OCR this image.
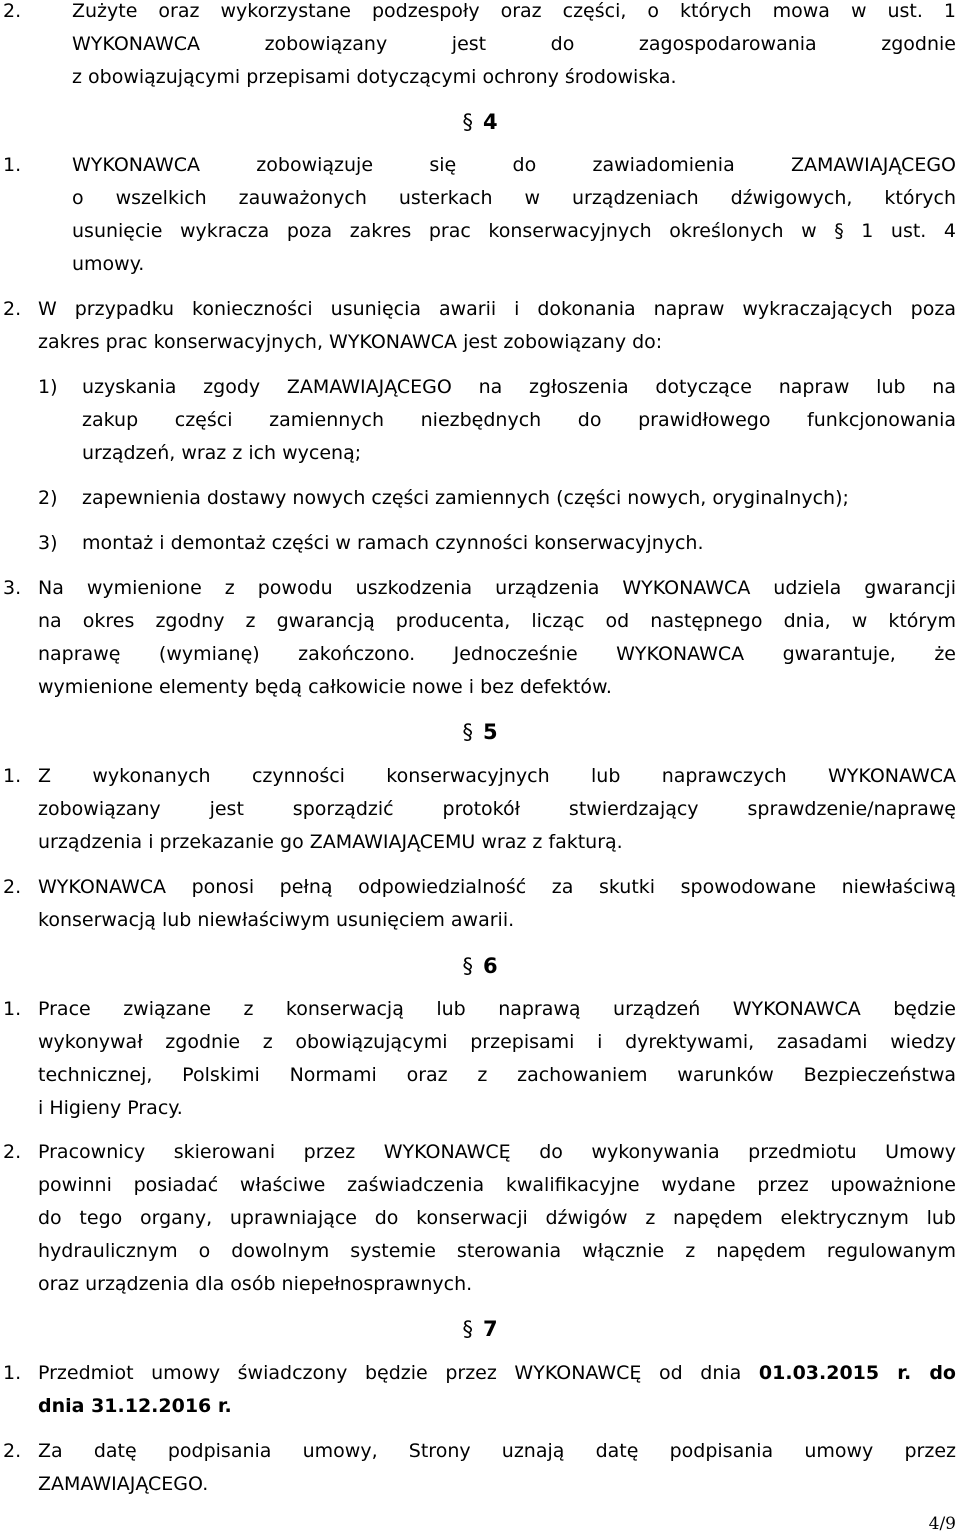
2.	Zużyte oraz wykorzystane podzespoły oraz części, o których mowa w ust. 1
WYKONAWCA zobowiązany jest do zagospodarowania zgodnie
z obowiązującymi przepisami dotyczącymi ochrony środowiska.
§ 4
1.	WYKONAWCA zobowiązuje się do zawiadomienia ZAMAWIAJĄCEGO
o wszelkich zauważonych usterkach w urządzeniach dźwigowych, których
usunięcie wykracza poza zakres prac konserwacyjnych określonych w § 1 ust. 4
umowy.
2. W przypadku konieczności usunięcia awarii i dokonania napraw wykraczających poza
zakres prac konserwacyjnych, WYKONAWCA jest zobowiązany do:
1) uzyskania zgody ZAMAWIAJĄCEGO na zgłoszenia dotyczące napraw lub na
zakup części zamiennych niezbędnych do prawidłowego funkcjonowania
urządzeń, wraz z ich wyceną;
2) zapewnienia dostawy nowych części zamiennych (części nowych, oryginalnych);
3) montaż i demontaż części w ramach czynności konserwacyjnych.
3. Na wymienione z powodu uszkodzenia urządzenia WYKONAWCA udziela gwarancji
na okres zgodny z gwarancją producenta, licząc od następnego dnia, w którym
naprawę (wymianę) zakończono. Jednocześnie WYKONAWCA gwarantuje, że
wymienione elementy będą całkowicie nowe i bez defektów.
§ 5
1. Z wykonanych czynności konserwacyjnych lub naprawczych WYKONAWCA
zobowiązany jest sporządzić protokół stwierdzający sprawdzenie/naprawę
urządzenia i przekazanie go ZAMAWIAJĄCEMU wraz z fakturą.
2. WYKONAWCA ponosi pełną odpowiedzialność za skutki spowodowane niewłaściwą
konserwacją lub niewłaściwym usunięciem awarii.
§ 6
1. Prace związane z konserwacją lub naprawą urządzeń WYKONAWCA będzie
wykonywał zgodnie z obowiązującymi przepisami i dyrektywami, zasadami wiedzy
technicznej, Polskimi Normami oraz z zachowaniem warunków Bezpieczeństwa
i Higieny Pracy.
2. Pracownicy skierowani przez WYKONAWCĘ do wykonywania przedmiotu Umowy
powinni posiadać właściwe zaświadczenia kwalifikacyjne wydane przez upoważnione
do tego organy, uprawniające do konserwacji dźwigów z napędem elektrycznym lub
hydraulicznym o dowolnym systemie sterowania włącznie z napędem regulowanym
oraz urządzenia dla osób niepełnosprawnych.
§ 7
1. Przedmiot umowy świadczony będzie przez WYKONAWCĘ od dnia 01.03.2015 r. do
dnia 31.12.2016 r.
2. Za datę podpisania umowy, Strony uznają datę podpisania umowy przez
ZAMAWIAJĄCEGO.
4/9
